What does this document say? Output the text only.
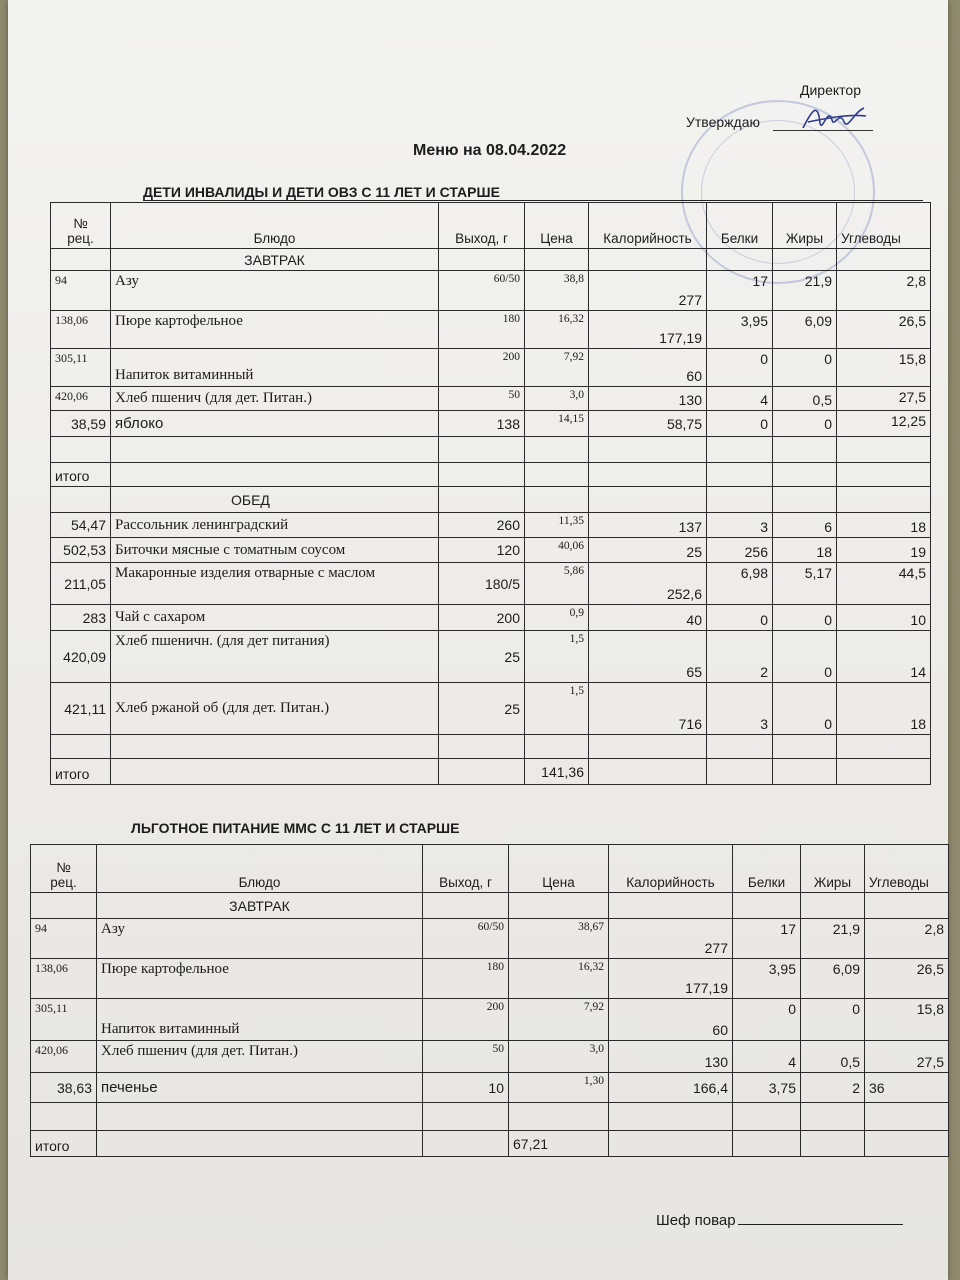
Директор
Утверждаю
Меню на 08.04.2022
ДЕТИ ИНВАЛИДЫ И ДЕТИ ОВЗ С 11 ЛЕТ И СТАРШЕ
№
рец.	Блюдо	Выход, г	Цена	Калорийность	Белки	Жиры	Углеводы
	ЗАВТРАК						
94	Азу	60/50	38,8	277	17	21,9	2,8
138,06	Пюре картофельное	180	16,32	177,19	3,95	6,09	26,5
305,11	Напиток витаминный	200	7,92	60	0	0	15,8
420,06	Хлеб пшенич (для дет. Питан.)	50	3,0	130	4	0,5	27,5
38,59	яблоко	138	14,15	58,75	0	0	12,25

итого							
	ОБЕД						
54,47	Рассольник ленинградский	260	11,35	137	3	6	18
502,53	Биточки мясные с томатным соусом	120	40,06	25	256	18	19
211,05	Макаронные изделия отварные с маслом	180/5	5,86	252,6	6,98	5,17	44,5
283	Чай с сахаром	200	0,9	40	0	0	10
420,09	Хлеб пшеничн. (для дет питания)	25	1,5	65	2	0	14
421,11	Хлеб ржаной об (для дет. Питан.)	25	1,5	716	3	0	18

итого			141,36				
ЛЬГОТНОЕ ПИТАНИЕ ММС С 11 ЛЕТ И СТАРШЕ
№
рец.	Блюдо	Выход, г	Цена	Калорийность	Белки	Жиры	Углеводы
	ЗАВТРАК						
94	Азу	60/50	38,67	277	17	21,9	2,8
138,06	Пюре картофельное	180	16,32	177,19	3,95	6,09	26,5
305,11	Напиток витаминный	200	7,92	60	0	0	15,8
420,06	Хлеб пшенич (для дет. Питан.)	50	3,0	130	4	0,5	27,5
38,63	печенье	10	1,30	166,4	3,75	2	36

итого			67,21				
Шеф повар
